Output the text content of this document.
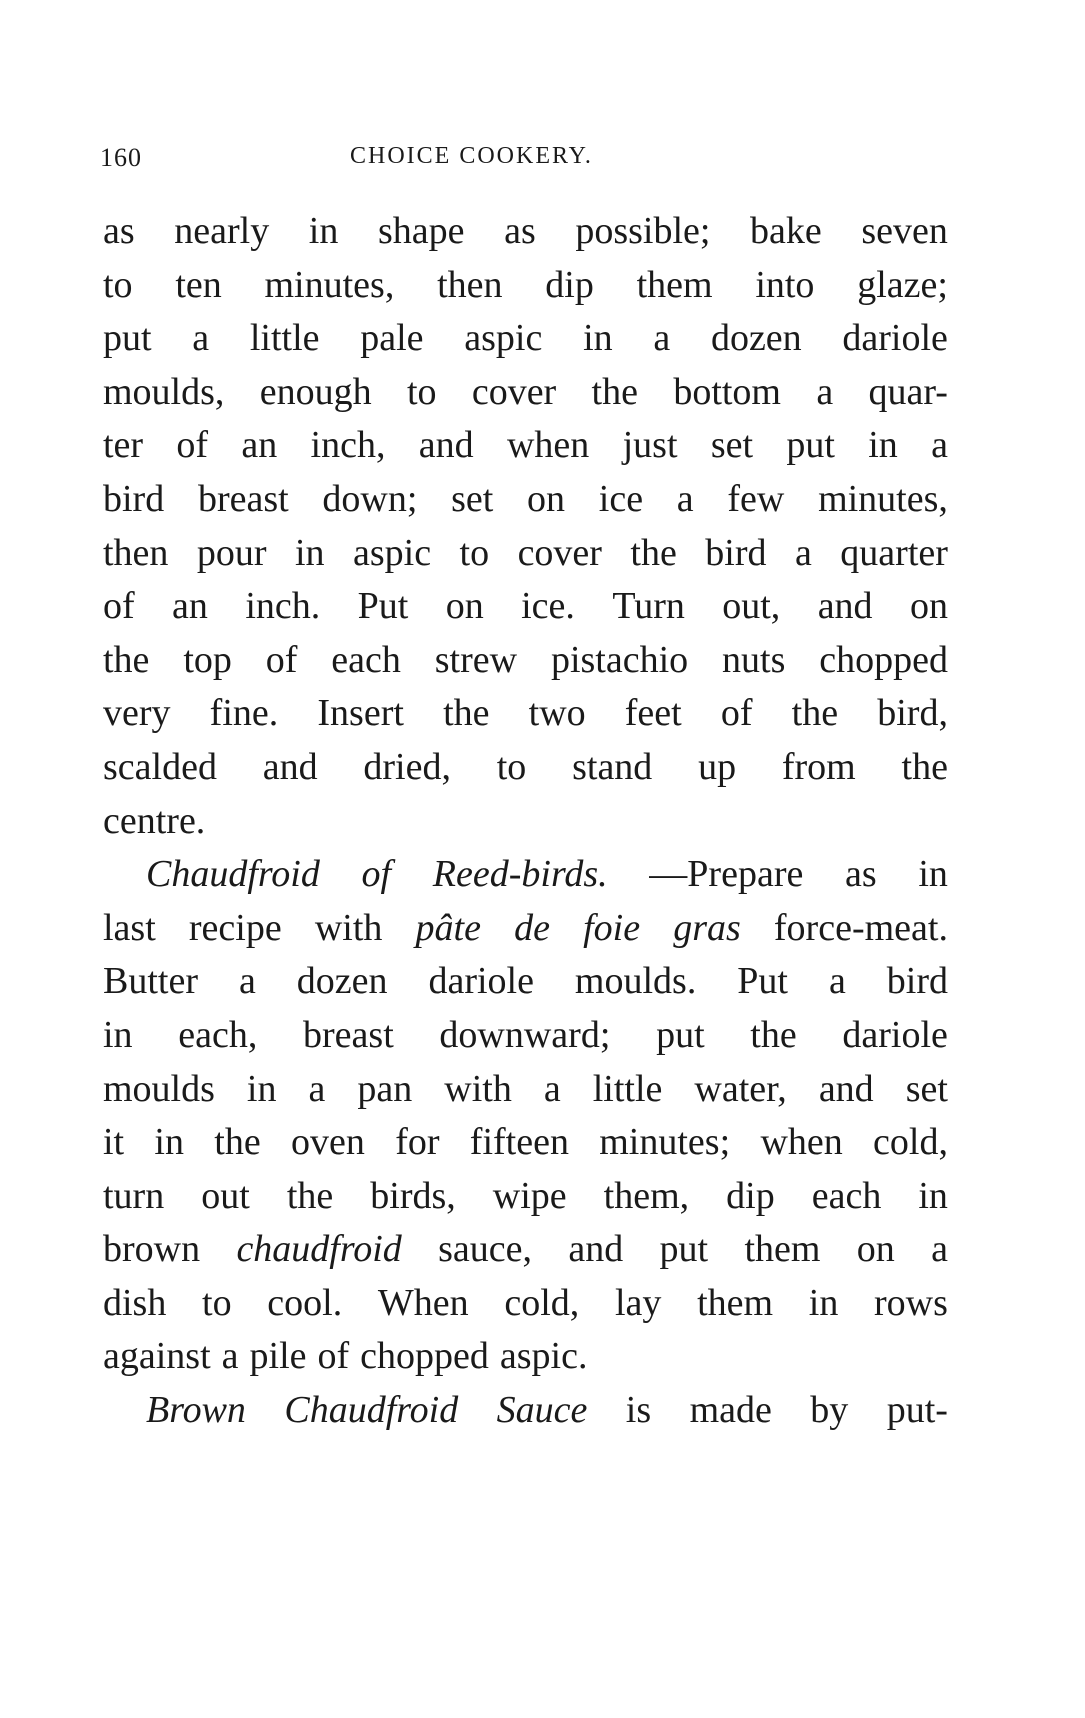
160	CHOICE COOKERY.
as nearly in shape as possible; bake seven
to ten minutes, then dip them into glaze;
put a little pale aspic in a dozen dariole
moulds, enough to cover the bottom a quar-
ter of an inch, and when just set put in a
bird breast down; set on ice a few minutes,
then pour in aspic to cover the bird a quarter
of an inch. Put on ice. Turn out, and on
the top of each strew pistachio nuts chopped
very fine. Insert the two feet of the bird,
scalded and dried, to stand up from the
centre.
Chaudfroid of Reed-birds. —Prepare as in
last recipe with pâte de foie gras force-meat.
Butter a dozen dariole moulds. Put a bird
in each, breast downward; put the dariole
moulds in a pan with a little water, and set
it in the oven for fifteen minutes; when cold,
turn out the birds, wipe them, dip each in
brown chaudfroid sauce, and put them on a
dish to cool. When cold, lay them in rows
against a pile of chopped aspic.
Brown Chaudfroid Sauce is made by put-
